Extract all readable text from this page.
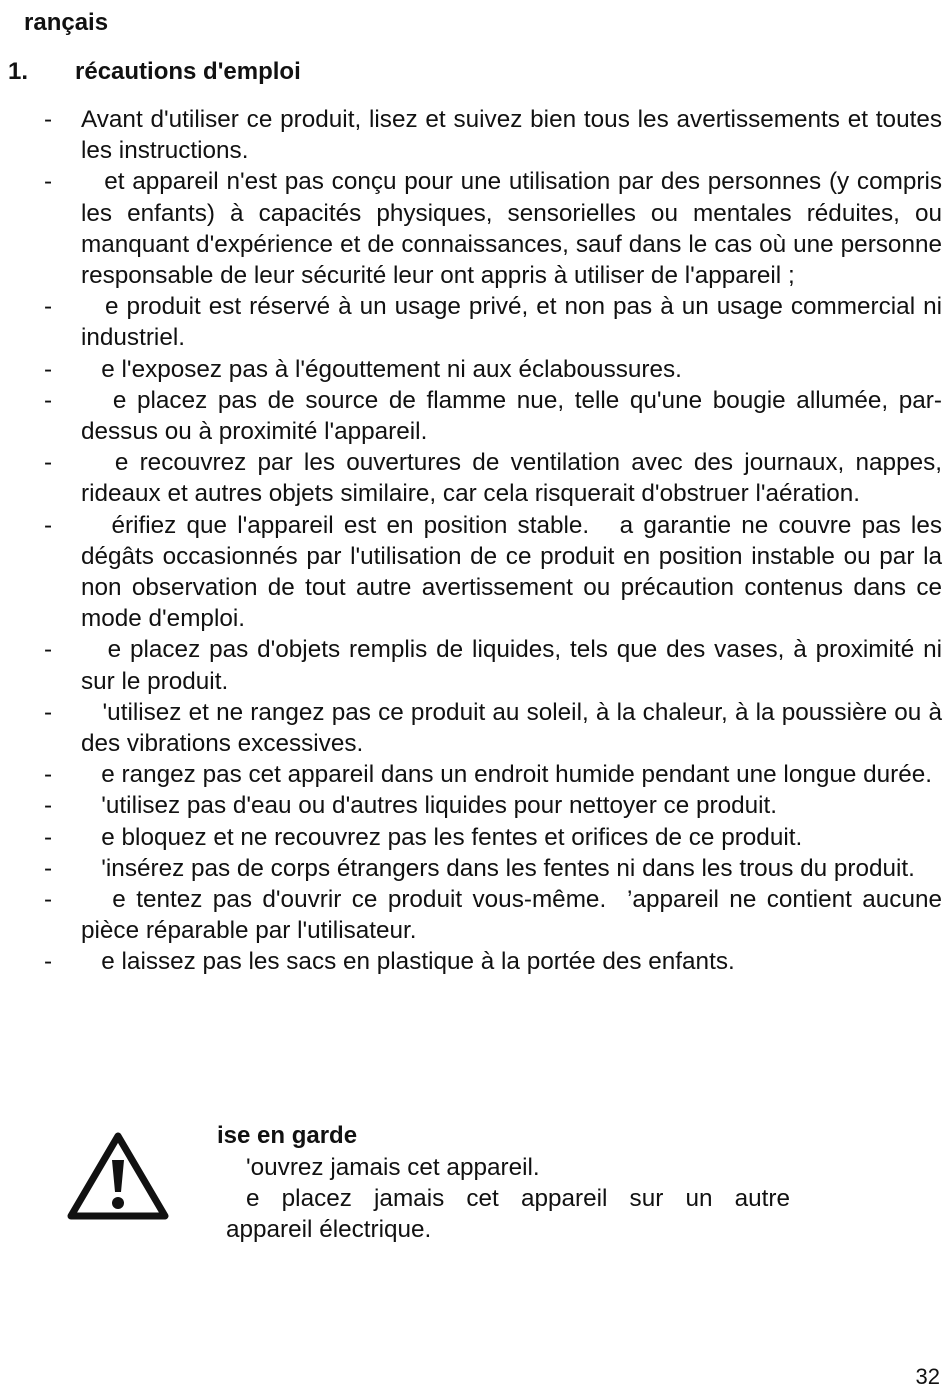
rançais
1. récautions d'emploi
- Avant d'utiliser ce produit, lisez et suivez bien tous les avertissements et toutes les instructions.
- et appareil n'est pas conçu pour une utilisation par des personnes (y compris les enfants) à capacités physiques, sensorielles ou mentales réduites, ou manquant d'expérience et de connaissances, sauf dans le cas où une personne responsable de leur sécurité leur ont appris à utiliser de l'appareil ;
- e produit est réservé à un usage privé, et non pas à un usage commercial ni industriel.
- e l'exposez pas à l'égouttement ni aux éclaboussures.
- e placez pas de source de flamme nue, telle qu'une bougie allumée, par-dessus ou à proximité l'appareil.
- e recouvrez par les ouvertures de ventilation avec des journaux, nappes, rideaux et autres objets similaire, car cela risquerait d'obstruer l'aération.
- érifiez que l'appareil est en position stable.   a garantie ne couvre pas les dégâts occasionnés par l'utilisation de ce produit en position instable ou par la non observation de tout autre avertissement ou précaution contenus dans ce mode d'emploi.
- e placez pas d'objets remplis de liquides, tels que des vases, à proximité ni sur le produit.
- 'utilisez et ne rangez pas ce produit au soleil, à la chaleur, à la poussière ou à des vibrations excessives.
- e rangez pas cet appareil dans un endroit humide pendant une longue durée.
- 'utilisez pas d'eau ou d'autres liquides pour nettoyer ce produit.
- e bloquez et ne recouvrez pas les fentes et orifices de ce produit.
- 'insérez pas de corps étrangers dans les fentes ni dans les trous du produit.
- e tentez pas d'ouvrir ce produit vous-même.  ’appareil ne contient aucune pièce réparable par l'utilisateur.
- e laissez pas les sacs en plastique à la portée des enfants.
ise en garde
'ouvrez jamais cet appareil.
e placez jamais cet appareil sur un autre
appareil électrique.
32
